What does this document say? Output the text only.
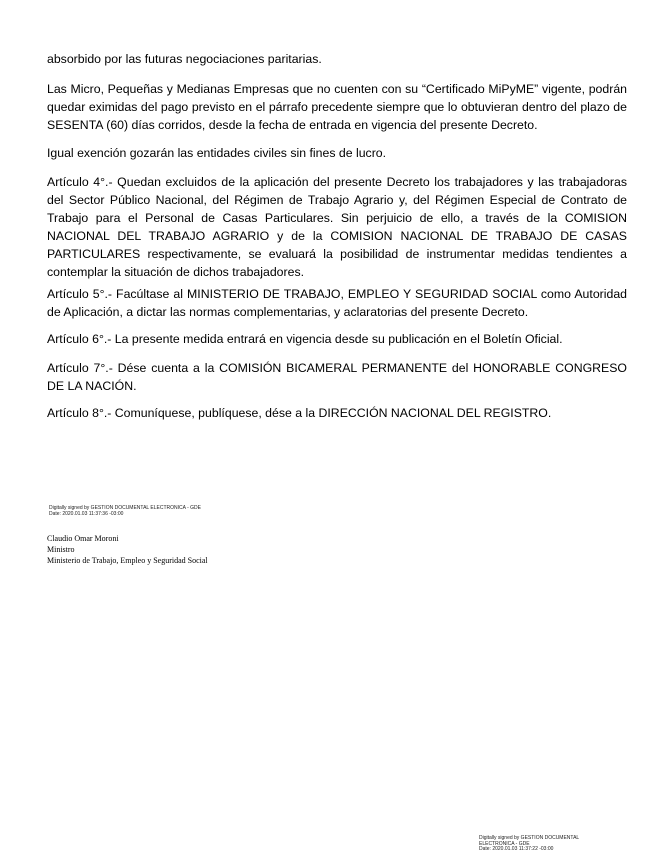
absorbido por las futuras negociaciones paritarias.

Las Micro, Pequeñas y Medianas Empresas que no cuenten con su “Certificado MiPyME” vigente, podrán quedar eximidas del pago previsto en el párrafo precedente siempre que lo obtuvieran dentro del plazo de SESENTA (60) días corridos, desde la fecha de entrada en vigencia del presente Decreto.

Igual exención gozarán las entidades civiles sin fines de lucro.

Artículo 4°.- Quedan excluidos de la aplicación del presente Decreto los trabajadores y las trabajadoras del Sector Público Nacional, del Régimen de Trabajo Agrario y, del Régimen Especial de Contrato de Trabajo para el Personal de Casas Particulares. Sin perjuicio de ello, a través de la COMISION NACIONAL DEL TRABAJO AGRARIO y de la COMISION NACIONAL DE TRABAJO DE CASAS PARTICULARES respectivamente, se evaluará la posibilidad de instrumentar medidas tendientes a contemplar la situación de dichos trabajadores.

Artículo 5°.- Facúltase al MINISTERIO DE TRABAJO, EMPLEO Y SEGURIDAD SOCIAL como Autoridad de Aplicación, a dictar las normas complementarias, y aclaratorias del presente Decreto.

Artículo 6°.- La presente medida entrará en vigencia desde su publicación en el Boletín Oficial.

Artículo 7°.- Dése cuenta a la COMISIÓN BICAMERAL PERMANENTE del HONORABLE CONGRESO DE LA NACIÓN.

Artículo 8°.- Comuníquese, publíquese, dése a la DIRECCIÓN NACIONAL DEL REGISTRO.

Digitally signed by GESTION DOCUMENTAL ELECTRONICA - GDE
Date: 2020.01.03 11:37:36 -03:00
Claudio Omar Moroni
Ministro
Ministerio de Trabajo, Empleo y Seguridad Social
Digitally signed by GESTION DOCUMENTAL
ELECTRONICA - GDE
Date: 2020.01.03 11:37:22 -03:00
